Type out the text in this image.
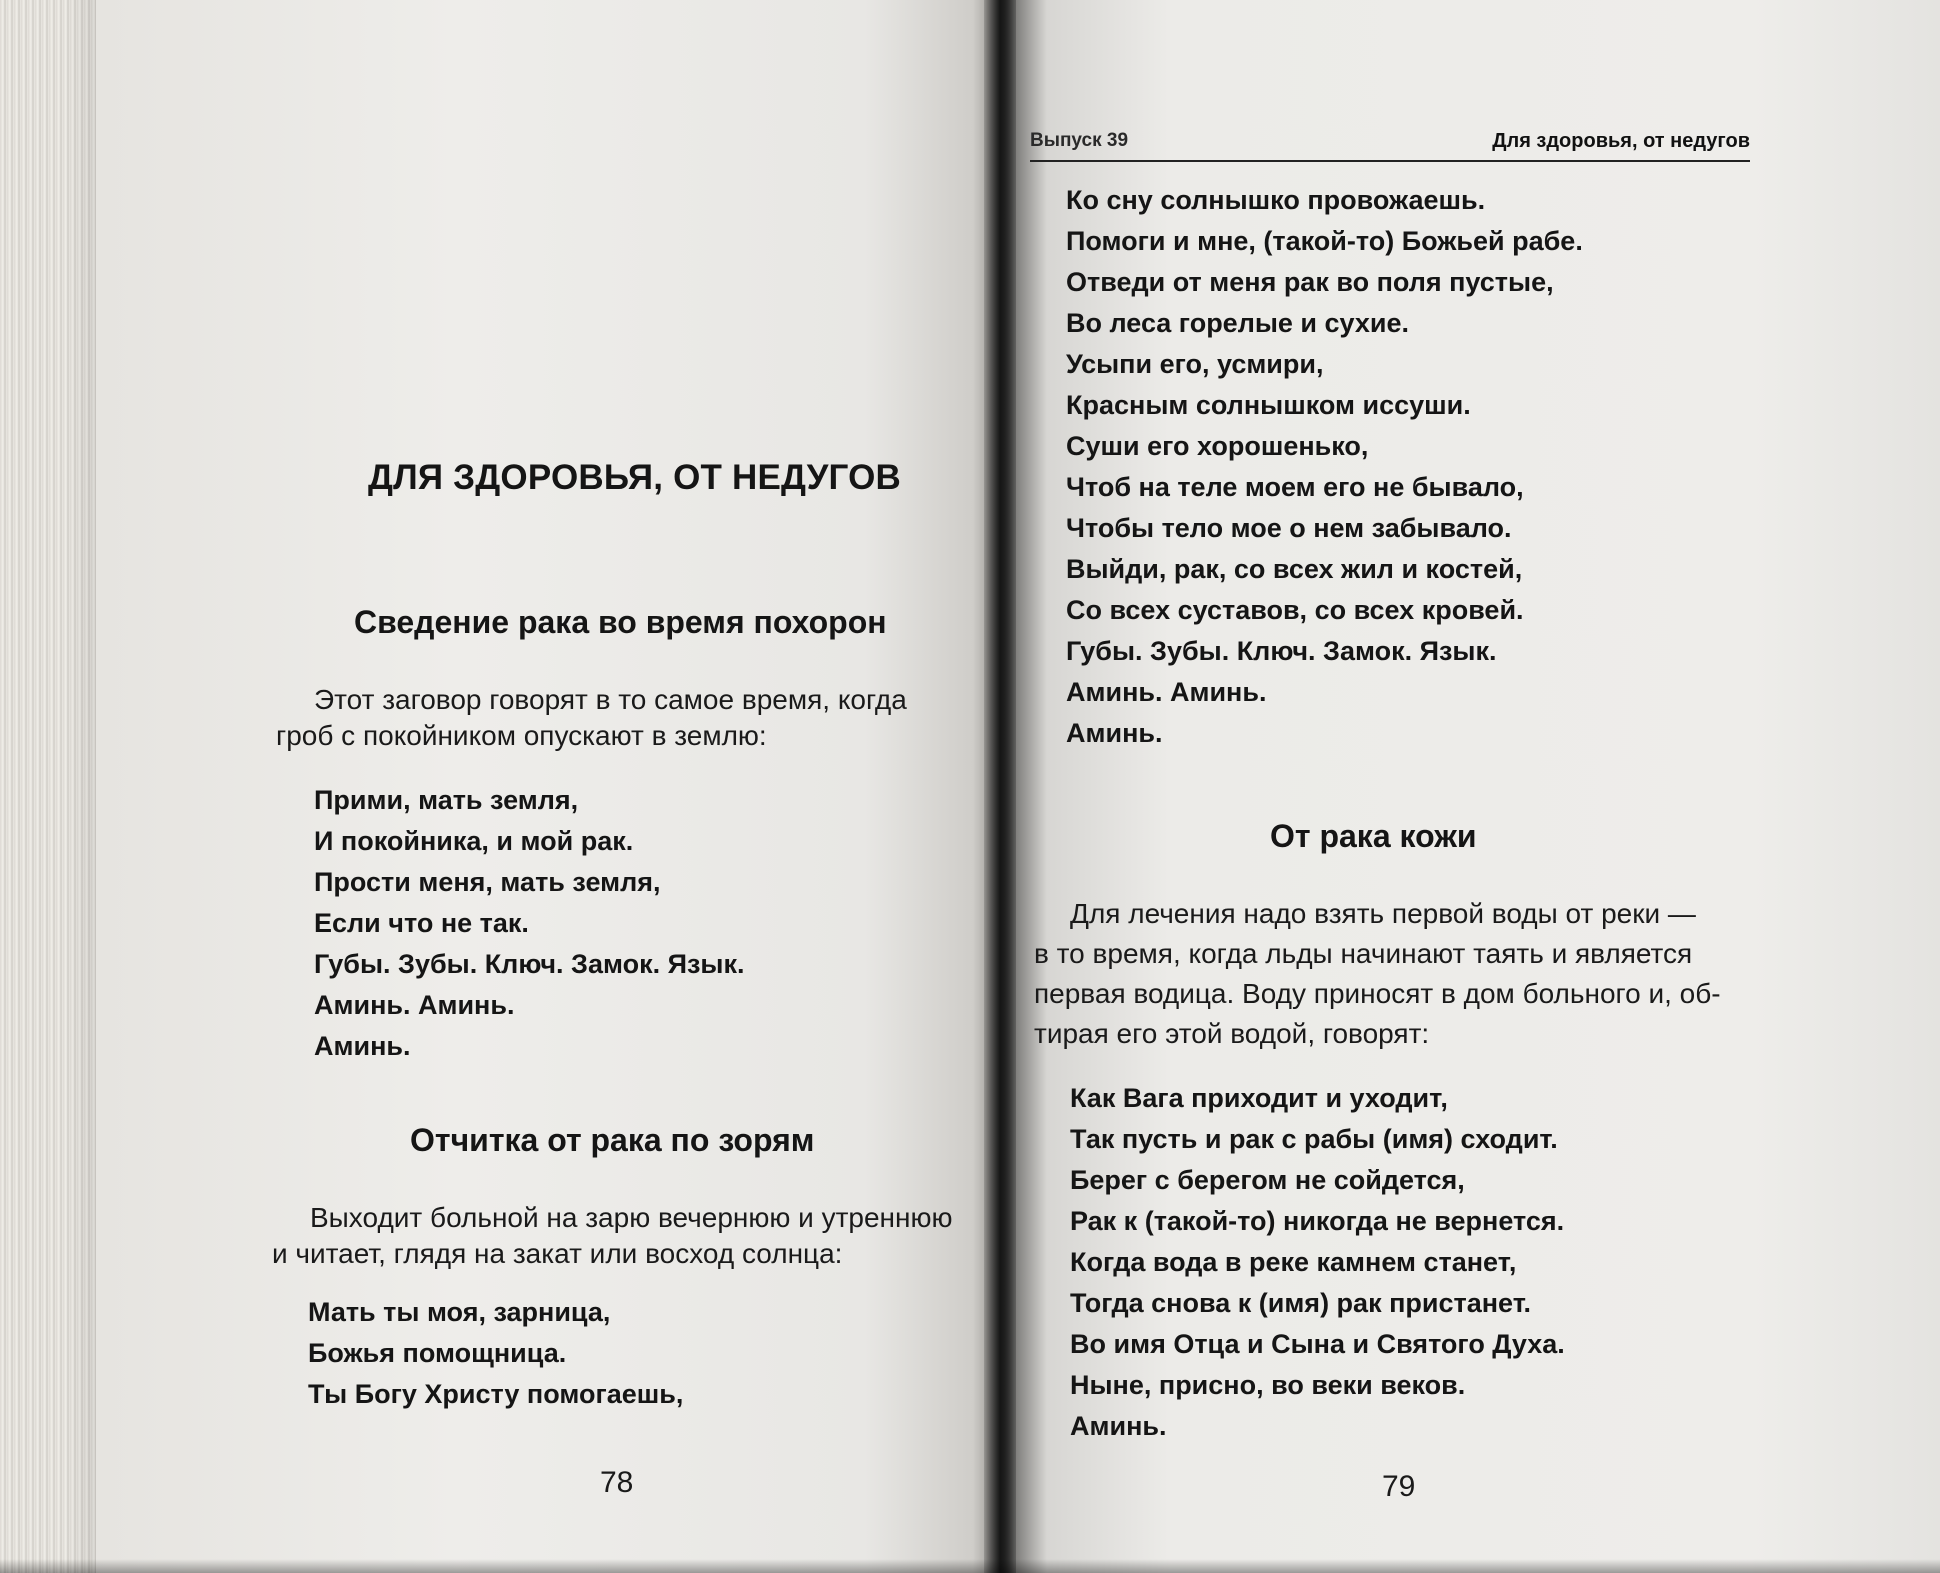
ДЛЯ ЗДОРОВЬЯ, ОТ НЕДУГОВ
Сведение рака во время похорон
Этот заговор говорят в то самое время, когда
гроб с покойником опускают в землю:
Прими, мать земля,
И покойника, и мой рак.
Прости меня, мать земля,
Если что не так.
Губы. Зубы. Ключ. Замок. Язык.
Аминь. Аминь.
Аминь.
Отчитка от рака по зорям
Выходит больной на зарю вечернюю и утреннюю
и читает, глядя на закат или восход солнца:
Мать ты моя, зарница,
Божья помощница.
Ты Богу Христу помогаешь,
78
Выпуск 39	Для здоровья, от недугов
Ко сну солнышко провожаешь.
Помоги и мне, (такой-то) Божьей рабе.
Отведи от меня рак во поля пустые,
Во леса горелые и сухие.
Усыпи его, усмири,
Красным солнышком иссуши.
Суши его хорошенько,
Чтоб на теле моем его не бывало,
Чтобы тело мое о нем забывало.
Выйди, рак, со всех жил и костей,
Со всех суставов, со всех кровей.
Губы. Зубы. Ключ. Замок. Язык.
Аминь. Аминь.
Аминь.
От рака кожи
Для лечения надо взять первой воды от реки —
в то время, когда льды начинают таять и является
первая водица. Воду приносят в дом больного и, об-
тирая его этой водой, говорят:
Как Вага приходит и уходит,
Так пусть и рак с рабы (имя) сходит.
Берег с берегом не сойдется,
Рак к (такой-то) никогда не вернется.
Когда вода в реке камнем станет,
Тогда снова к (имя) рак пристанет.
Во имя Отца и Сына и Святого Духа.
Ныне, присно, во веки веков.
Аминь.
79
